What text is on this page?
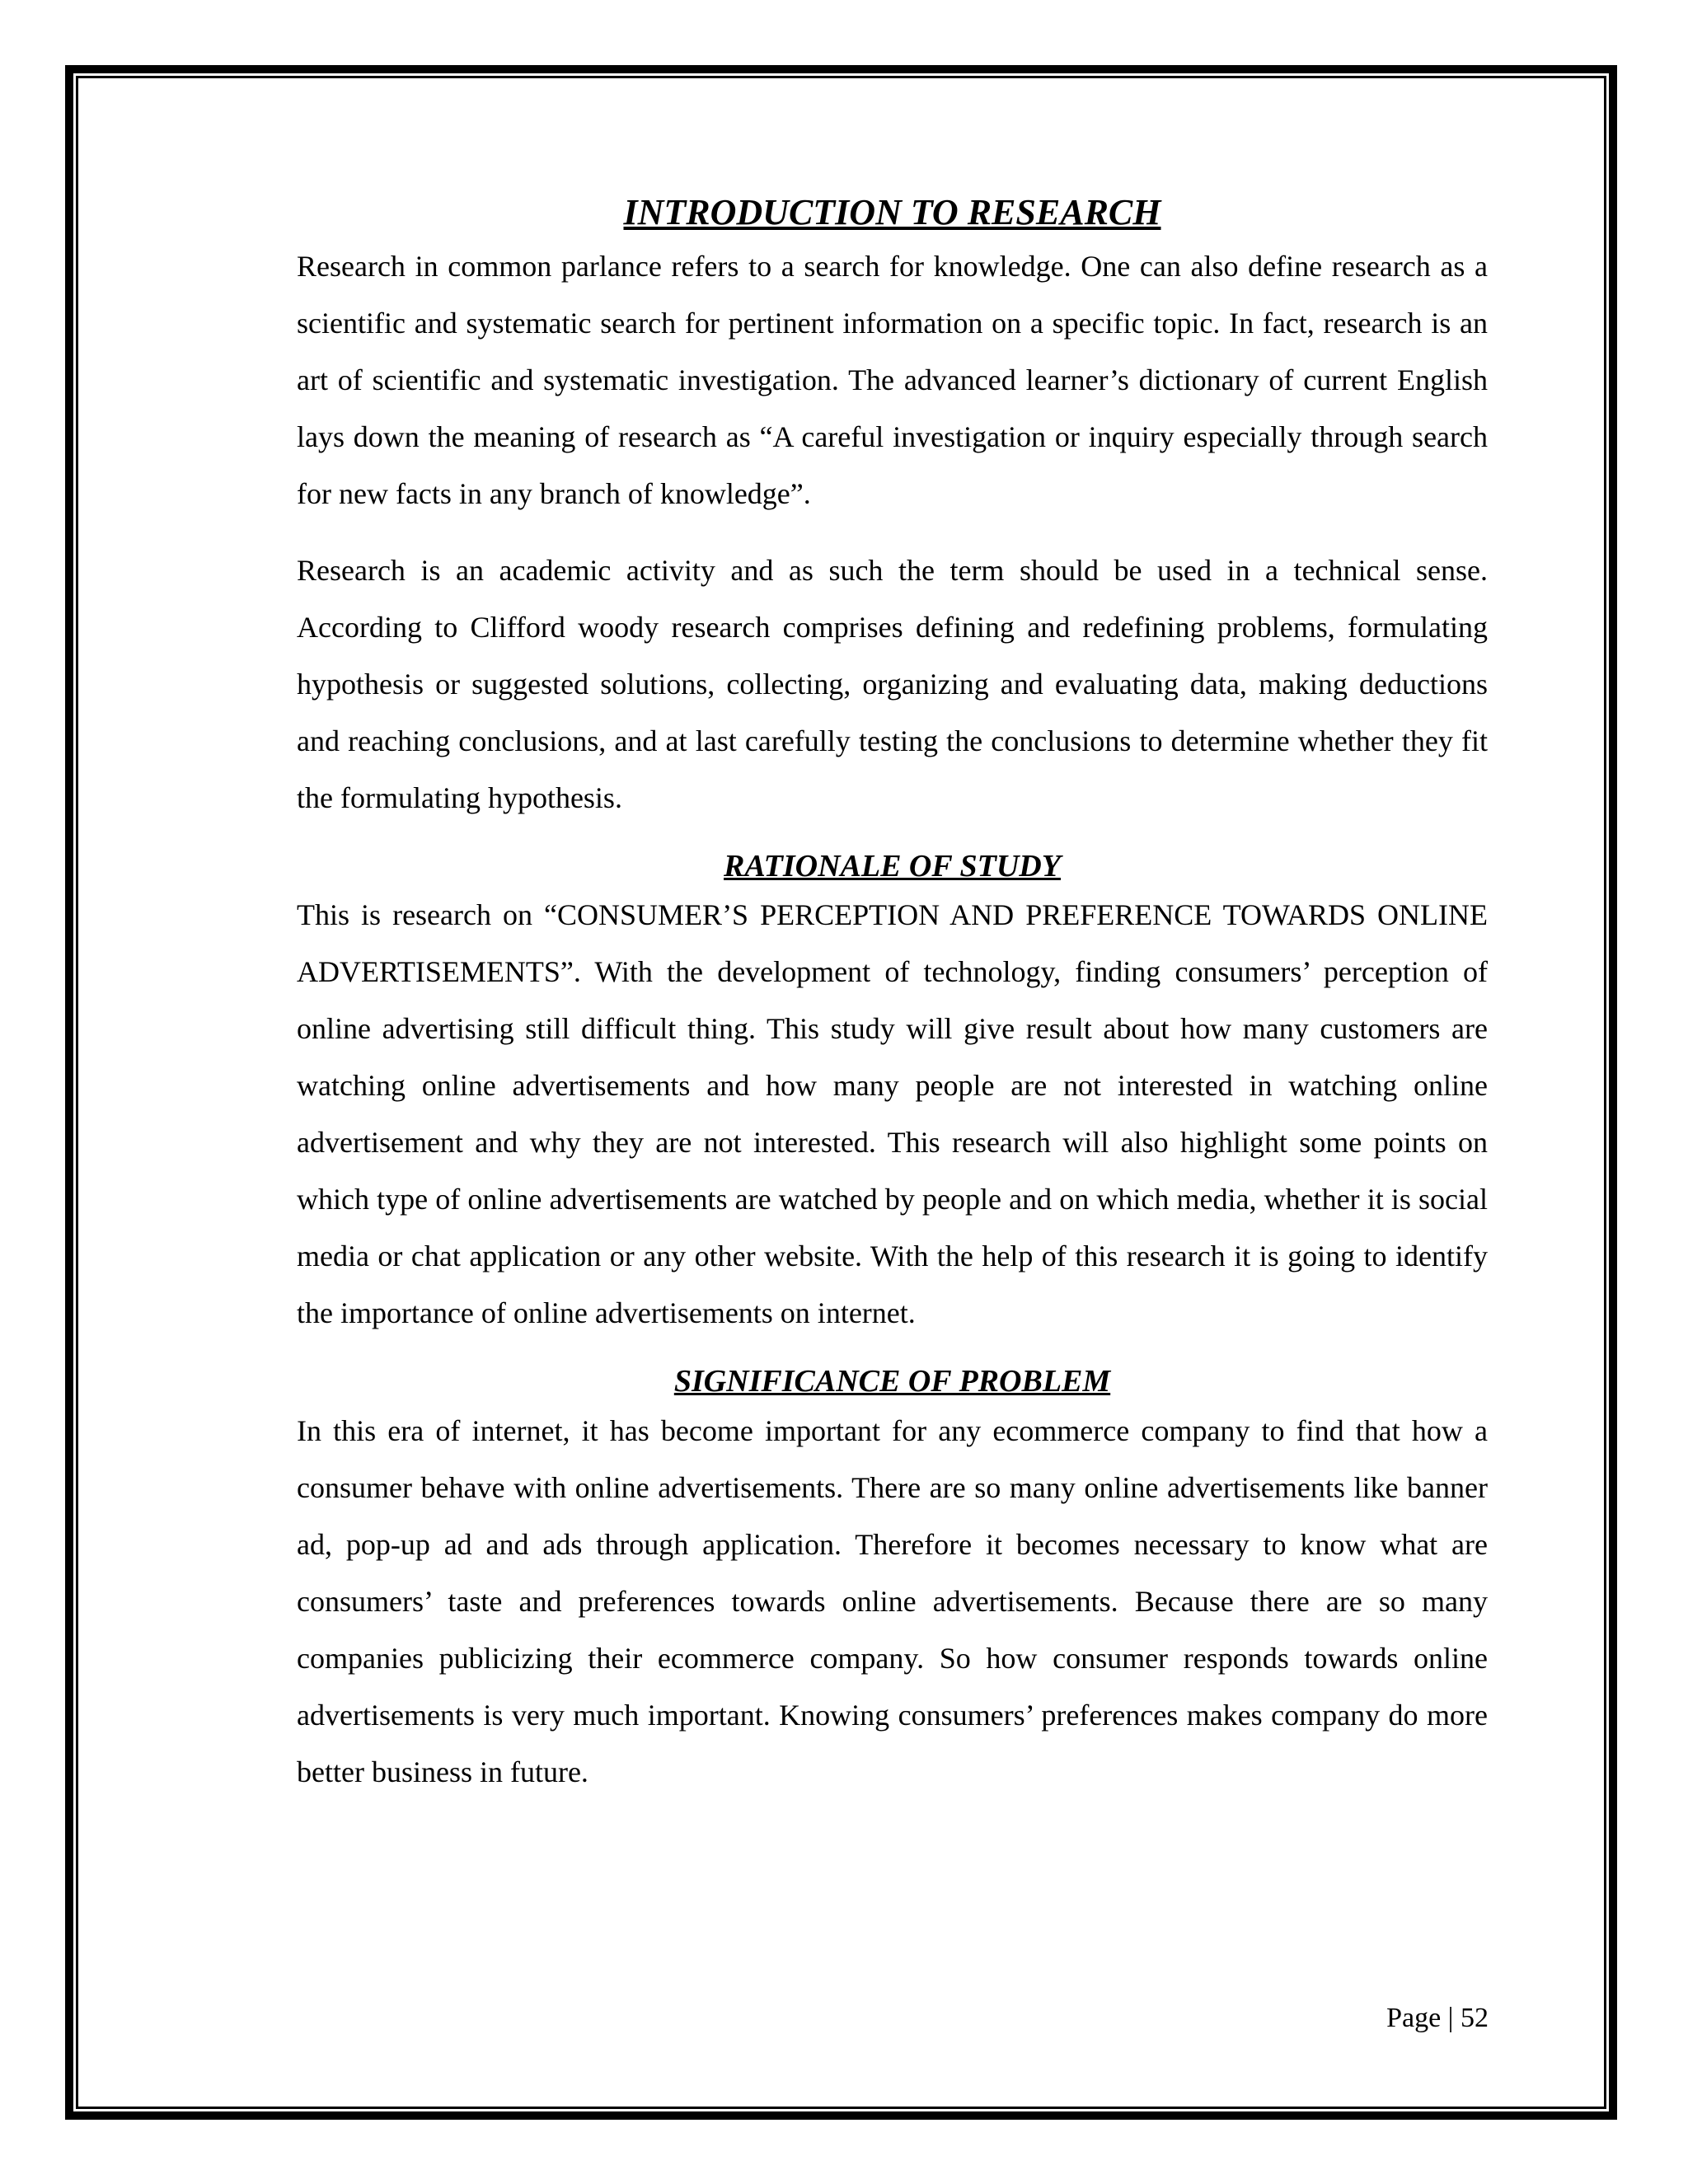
INTRODUCTION TO RESEARCH

Research in common parlance refers to a search for knowledge. One can also define research as a scientific and systematic search for pertinent information on a specific topic. In fact, research is an art of scientific and systematic investigation. The advanced learner’s dictionary of current English lays down the meaning of research as “A careful investigation or inquiry especially through search for new facts in any branch of knowledge”.

Research is an academic activity and as such the term should be used in a technical sense. According to Clifford woody research comprises defining and redefining problems, formulating hypothesis or suggested solutions, collecting, organizing and evaluating data, making deductions and reaching conclusions, and at last carefully testing the conclusions to determine whether they fit the formulating hypothesis.

RATIONALE OF STUDY

This is research on “CONSUMER’S PERCEPTION AND PREFERENCE TOWARDS ONLINE ADVERTISEMENTS”. With the development of technology, finding consumers’ perception of online advertising still difficult thing. This study will give result about how many customers are watching online advertisements and how many people are not interested in watching online advertisement and why they are not interested. This research will also highlight some points on which type of online advertisements are watched by people and on which media, whether it is social media or chat application or any other website. With the help of this research it is going to identify the importance of online advertisements on internet.

SIGNIFICANCE OF PROBLEM

In this era of internet, it has become important for any ecommerce company to find that how a consumer behave with online advertisements. There are so many online advertisements like banner ad, pop-up ad and ads through application. Therefore it becomes necessary to know what are consumers’ taste and preferences towards online advertisements. Because there are so many companies publicizing their ecommerce company. So how consumer responds towards online advertisements is very much important. Knowing consumers’ preferences makes company do more better business in future.

Page | 52
